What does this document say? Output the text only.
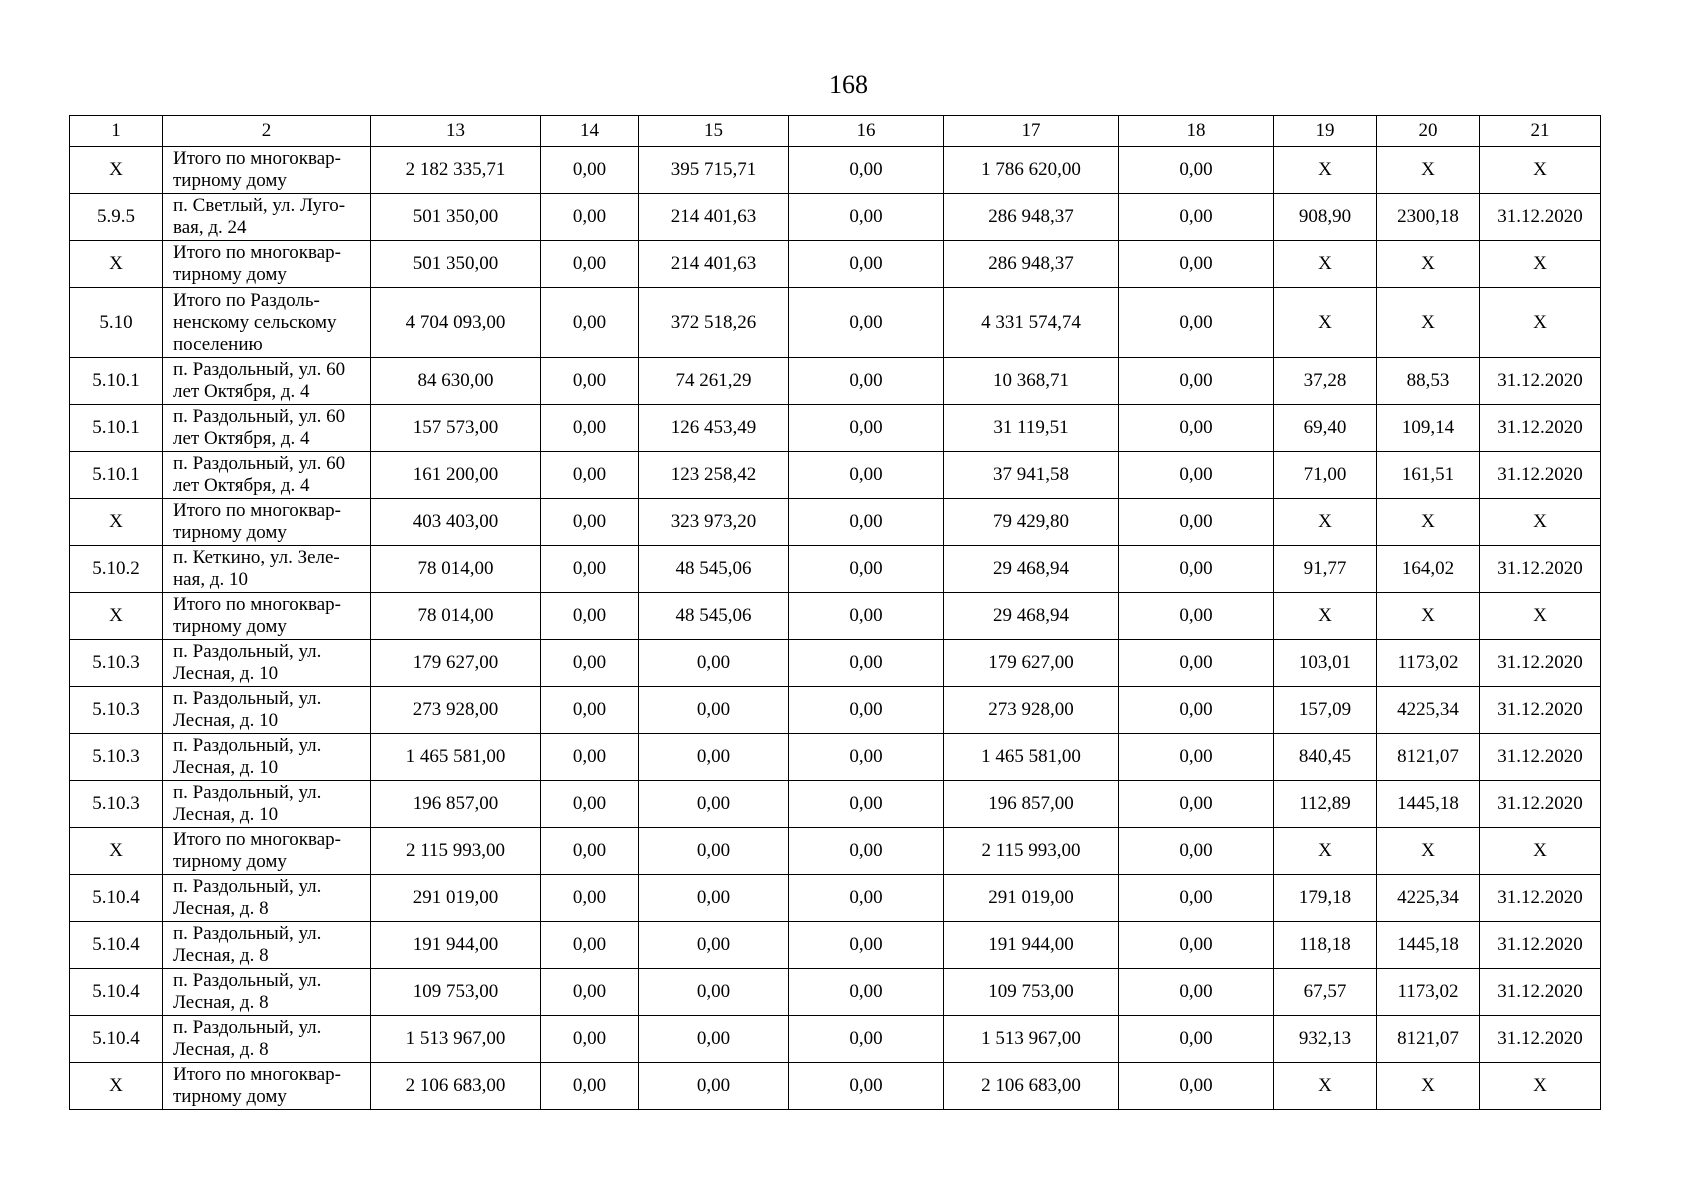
168
1	2	13	14	15	16	17	18	19	20	21
X	Итого по многоквар-тирному дому	2 182 335,71	0,00	395 715,71	0,00	1 786 620,00	0,00	X	X	X
5.9.5	п. Светлый, ул. Луго-вая, д. 24	501 350,00	0,00	214 401,63	0,00	286 948,37	0,00	908,90	2300,18	31.12.2020
X	Итого по многоквар-тирному дому	501 350,00	0,00	214 401,63	0,00	286 948,37	0,00	X	X	X
5.10	Итого по Раздоль-ненскому сельскому поселению	4 704 093,00	0,00	372 518,26	0,00	4 331 574,74	0,00	X	X	X
5.10.1	п. Раздольный, ул. 60 лет Октября, д. 4	84 630,00	0,00	74 261,29	0,00	10 368,71	0,00	37,28	88,53	31.12.2020
5.10.1	п. Раздольный, ул. 60 лет Октября, д. 4	157 573,00	0,00	126 453,49	0,00	31 119,51	0,00	69,40	109,14	31.12.2020
5.10.1	п. Раздольный, ул. 60 лет Октября, д. 4	161 200,00	0,00	123 258,42	0,00	37 941,58	0,00	71,00	161,51	31.12.2020
X	Итого по многоквар-тирному дому	403 403,00	0,00	323 973,20	0,00	79 429,80	0,00	X	X	X
5.10.2	п. Кеткино, ул. Зеле-ная, д. 10	78 014,00	0,00	48 545,06	0,00	29 468,94	0,00	91,77	164,02	31.12.2020
X	Итого по многоквар-тирному дому	78 014,00	0,00	48 545,06	0,00	29 468,94	0,00	X	X	X
5.10.3	п. Раздольный, ул. Лесная, д. 10	179 627,00	0,00	0,00	0,00	179 627,00	0,00	103,01	1173,02	31.12.2020
5.10.3	п. Раздольный, ул. Лесная, д. 10	273 928,00	0,00	0,00	0,00	273 928,00	0,00	157,09	4225,34	31.12.2020
5.10.3	п. Раздольный, ул. Лесная, д. 10	1 465 581,00	0,00	0,00	0,00	1 465 581,00	0,00	840,45	8121,07	31.12.2020
5.10.3	п. Раздольный, ул. Лесная, д. 10	196 857,00	0,00	0,00	0,00	196 857,00	0,00	112,89	1445,18	31.12.2020
X	Итого по многоквар-тирному дому	2 115 993,00	0,00	0,00	0,00	2 115 993,00	0,00	X	X	X
5.10.4	п. Раздольный, ул. Лесная, д. 8	291 019,00	0,00	0,00	0,00	291 019,00	0,00	179,18	4225,34	31.12.2020
5.10.4	п. Раздольный, ул. Лесная, д. 8	191 944,00	0,00	0,00	0,00	191 944,00	0,00	118,18	1445,18	31.12.2020
5.10.4	п. Раздольный, ул. Лесная, д. 8	109 753,00	0,00	0,00	0,00	109 753,00	0,00	67,57	1173,02	31.12.2020
5.10.4	п. Раздольный, ул. Лесная, д. 8	1 513 967,00	0,00	0,00	0,00	1 513 967,00	0,00	932,13	8121,07	31.12.2020
X	Итого по многоквар-тирному дому	2 106 683,00	0,00	0,00	0,00	2 106 683,00	0,00	X	X	X
